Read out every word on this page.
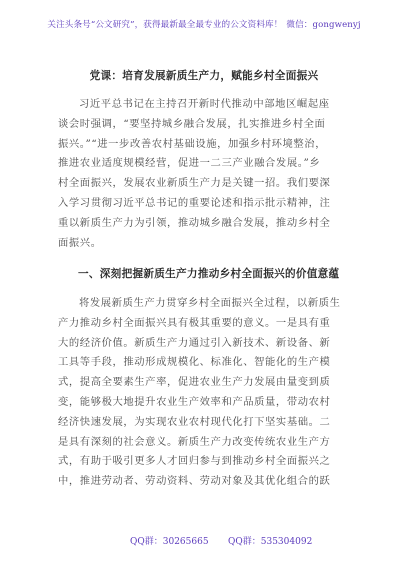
关注头条号“公文研究”，获得最新最全最专业的公文资料库！ 微信：gongwenyj
党课：培育发展新质生产力，赋能乡村全面振兴
习近平总书记在主持召开新时代推动中部地区崛起座
谈会时强调，“要坚持城乡融合发展，扎实推进乡村全面
振兴。”“进一步改善农村基础设施，加强乡村环境整治，
推进农业适度规模经营，促进一二三产业融合发展。”乡
村全面振兴，发展农业新质生产力是关键一招。我们要深
入学习贯彻习近平总书记的重要论述和指示批示精神，注
重以新质生产力为引领，推动城乡融合发展，推动乡村全
面振兴。
一、深刻把握新质生产力推动乡村全面振兴的价值意蕴
将发展新质生产力贯穿乡村全面振兴全过程，以新质生
产力推动乡村全面振兴具有极其重要的意义。一是具有重
大的经济价值。新质生产力通过引入新技术、新设备、新
工具等手段，推动形成规模化、标准化、智能化的生产模
式，提高全要素生产率，促进农业生产力发展由量变到质
变，能够极大地提升农业生产效率和产品质量，带动农村
经济快速发展，为实现农业农村现代化打下坚实基础。二
是具有深刻的社会意义。新质生产力改变传统农业生产方
式，有助于吸引更多人才回归参与到推动乡村全面振兴之
中，推进劳动者、劳动资料、劳动对象及其优化组合的跃
QQ群：30265665 QQ群：535304092
